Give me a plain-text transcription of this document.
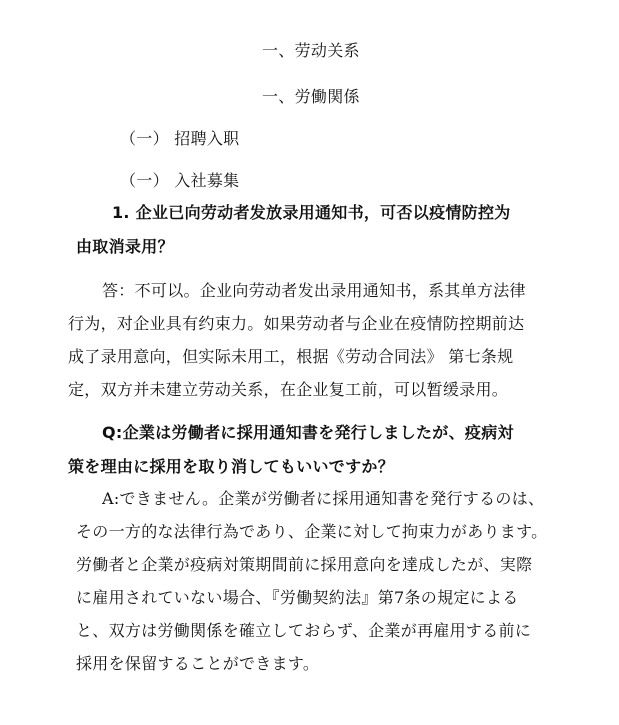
一、劳动关系
一、労働関係
（一） 招聘入职
（一） 入社募集
1. 企业已向劳动者发放录用通知书，可否以疫情防控为
由取消录用？
答：不可以。企业向劳动者发出录用通知书，系其单方法律
行为，对企业具有约束力。如果劳动者与企业在疫情防控期前达
成了录用意向，但实际未用工，根据《劳动合同法》 第七条规
定，双方并未建立劳动关系，在企业复工前，可以暂缓录用。
Q:企業は労働者に採用通知書を発行しましたが、疫病対
策を理由に採用を取り消してもいいですか？
A:できません。企業が労働者に採用通知書を発行するのは、
その一方的な法律行為であり、企業に対して拘束力があります。
労働者と企業が疫病対策期間前に採用意向を達成したが、実際
に雇用されていない場合、『労働契約法』第7条の規定による
と、双方は労働関係を確立しておらず、企業が再雇用する前に
採用を保留することができます。
